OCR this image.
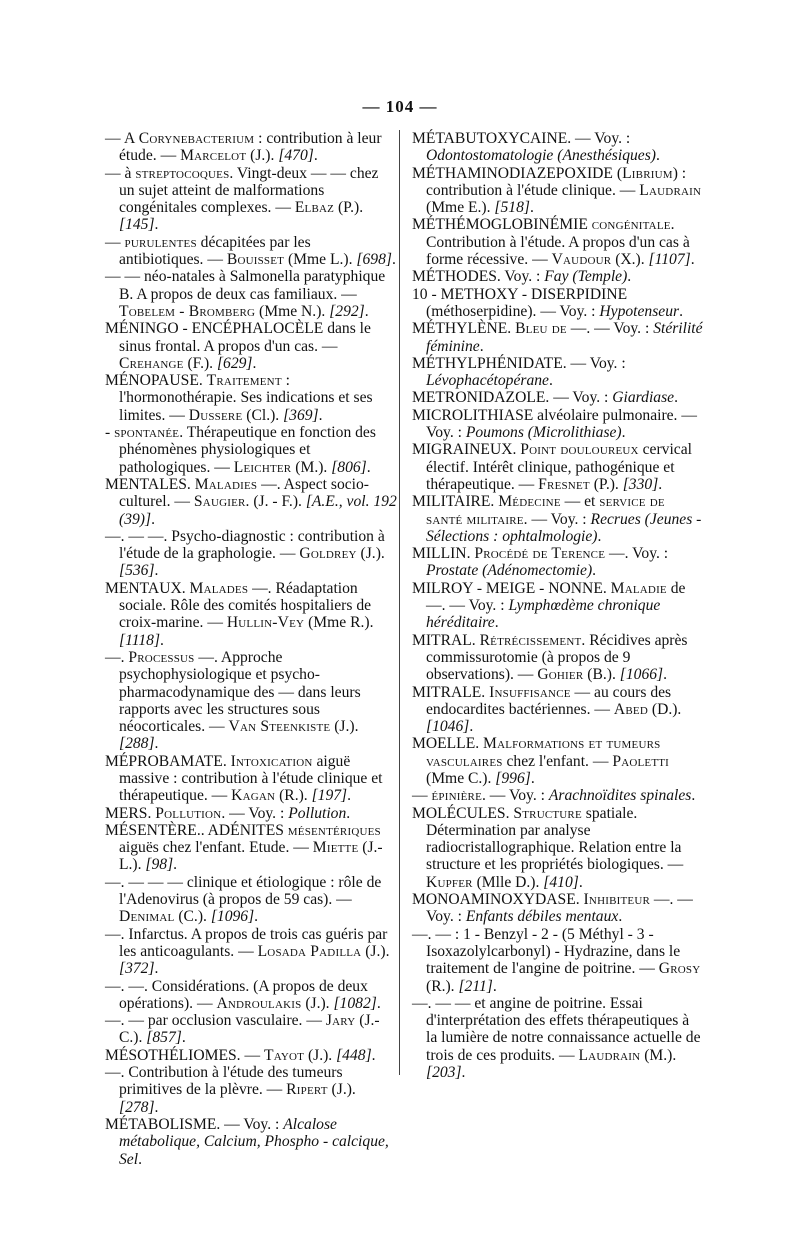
— 104 —

— A Corynebacterium : contribution à leur étude. — Marcelot (J.). [470].

— à streptocoques. Vingt-deux — — chez un sujet atteint de malformations congénitales complexes. — Elbaz (P.). [145].

— purulentes décapitées par les antibiotiques. — Bouisset (Mme L.). [698].

— — néo-natales à Salmonella paratyphique B. A propos de deux cas familiaux. — Tobelem - Bromberg (Mme N.). [292].

MÉNINGO - ENCÉPHALOCÈLE dans le sinus frontal. A propos d'un cas. — Crehange (F.). [629].

MÉNOPAUSE. Traitement : l'hormonothérapie. Ses indications et ses limites. — Dussere (Cl.). [369].

- spontanée. Thérapeutique en fonction des phénomènes physiologiques et pathologiques. — Leichter (M.). [806].

MENTALES. Maladies —. Aspect socio-culturel. — Saugier. (J. - F.). [A.E., vol. 192 (39)].

—. — —. Psycho-diagnostic : contribution à l'étude de la graphologie. — Goldrey (J.). [536].

MENTAUX. Malades —. Réadaptation sociale. Rôle des comités hospitaliers de croix-marine. — Hullin-Vey (Mme R.). [1118].

—. Processus —. Approche psychophysiologique et psycho-pharmacodynamique des — dans leurs rapports avec les structures sous néocorticales. — Van Steenkiste (J.). [288].

MÉPROBAMATE. Intoxication aiguë massive : contribution à l'étude clinique et thérapeutique. — Kagan (R.). [197].

MERS. Pollution. — Voy. : Pollution.

MÉSENTÈRE.. ADÉNITES mésentériques aiguës chez l'enfant. Etude. — Miette (J.-L.). [98].

—. — — — clinique et étiologique : rôle de l'Adenovirus (à propos de 59 cas). — Denimal (C.). [1096].

—. Infarctus. A propos de trois cas guéris par les anticoagulants. — Losada Padilla (J.). [372].

—. —. Considérations. (A propos de deux opérations). — Androulakis (J.). [1082].

—. — par occlusion vasculaire. — Jary (J.-C.). [857].

MÉSOTHÉLIOMES. — Tayot (J.). [448].

—. Contribution à l'étude des tumeurs primitives de la plèvre. — Ripert (J.). [278].

MÉTABOLISME. — Voy. : Alcalose métabolique, Calcium, Phospho - calcique, Sel.

MÉTABUTOXYCAINE. — Voy. : Odontostomatologie (Anesthésiques).

MÉTHAMINODIAZEPOXIDE (Librium) : contribution à l'étude clinique. — Laudrain (Mme E.). [518].

MÉTHÉMOGLOBINÉMIE congénitale. Contribution à l'étude. A propos d'un cas à forme récessive. — Vaudour (X.). [1107].

MÉTHODES. Voy. : Fay (Temple).

10 - METHOXY - DISERPIDINE (méthoserpidine). — Voy. : Hypotenseur.

MÉTHYLÈNE. Bleu de —. — Voy. : Stérilité féminine.

MÉTHYLPHÉNIDATE. — Voy. : Lévophacétopérane.

METRONIDAZOLE. — Voy. : Giardiase.

MICROLITHIASE alvéolaire pulmonaire. — Voy. : Poumons (Microlithiase).

MIGRAINEUX. Point douloureux cervical électif. Intérêt clinique, pathogénique et thérapeutique. — Fresnet (P.). [330].

MILITAIRE. Médecine — et service de santé militaire. — Voy. : Recrues (Jeunes - Sélections : ophtalmologie).

MILLIN. Procédé de Terence —. Voy. : Prostate (Adénomectomie).

MILROY - MEIGE - NONNE. Maladie de —. — Voy. : Lymphœdème chronique héréditaire.

MITRAL. Rétrécissement. Récidives après commissurotomie (à propos de 9 observations). — Gohier (B.). [1066].

MITRALE. Insuffisance — au cours des endocardites bactériennes. — Abed (D.). [1046].

MOELLE. Malformations et tumeurs vasculaires chez l'enfant. — Paoletti (Mme C.). [996].

— épinière. — Voy. : Arachnoïdites spinales.

MOLÉCULES. Structure spatiale. Détermination par analyse radiocristallographique. Relation entre la structure et les propriétés biologiques. — Kupfer (Mlle D.). [410].

MONOAMINOXYDASE. Inhibiteur —. — Voy. : Enfants débiles mentaux.

—. — : 1 - Benzyl - 2 - (5 Méthyl - 3 - Isoxazolylcarbonyl) - Hydrazine, dans le traitement de l'angine de poitrine. — Grosy (R.). [211].

—. — — et angine de poitrine. Essai d'interprétation des effets thérapeutiques à la lumière de notre connaissance actuelle de trois de ces produits. — Laudrain (M.). [203].
